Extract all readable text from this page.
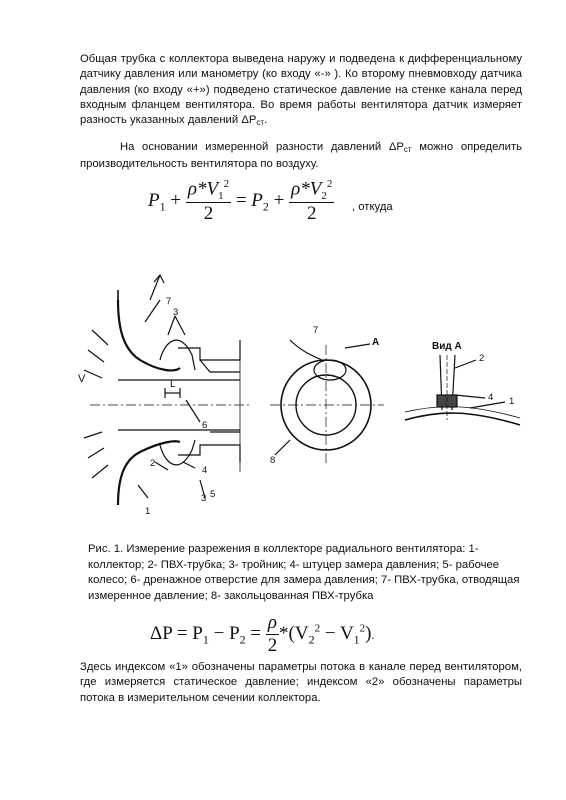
Общая трубка с коллектора выведена наружу и подведена к дифференциальному датчику давления или манометру (ко входу «-» ). Ко второму пневмовходу датчика давления (ко входу «+») подведено статическое давление на стенке канала перед входным фланцем вентилятора. Во время работы вентилятора датчик измеряет разность указанных давлений $\Delta P_{ст}$.

На основании измеренной разности давлений $\Delta P_{ст}$ можно определить производительность вентилятора по воздуху.

$P_1 + \frac{\rho*V_1^2}{2} = P_2 + \frac{\rho*V_2^2}{2}$ , откуда
V	L
7
3
6
4
2
3 5
1
7
A
8
Вид А
2
4 1

Рис. 1. Измерение разрежения в коллекторе радиального вентилятора: 1- коллектор; 2- ПВХ-трубка; 3- тройник; 4- штуцер замера давления; 5- рабочее колесо; 6- дренажное отверстие для замера давления; 7- ПВХ-трубка, отводящая измеренное давление; 8- закольцованная ПВХ-трубка

$\Delta P = P_1 - P_2 = \frac{\rho}{2} *(V_2^2 - V_1^2)$.

Здесь индексом «1» обозначены параметры потока в канале перед вентилятором, где измеряется статическое давление; индексом «2» обозначены параметры потока в измерительном сечении коллектора.
